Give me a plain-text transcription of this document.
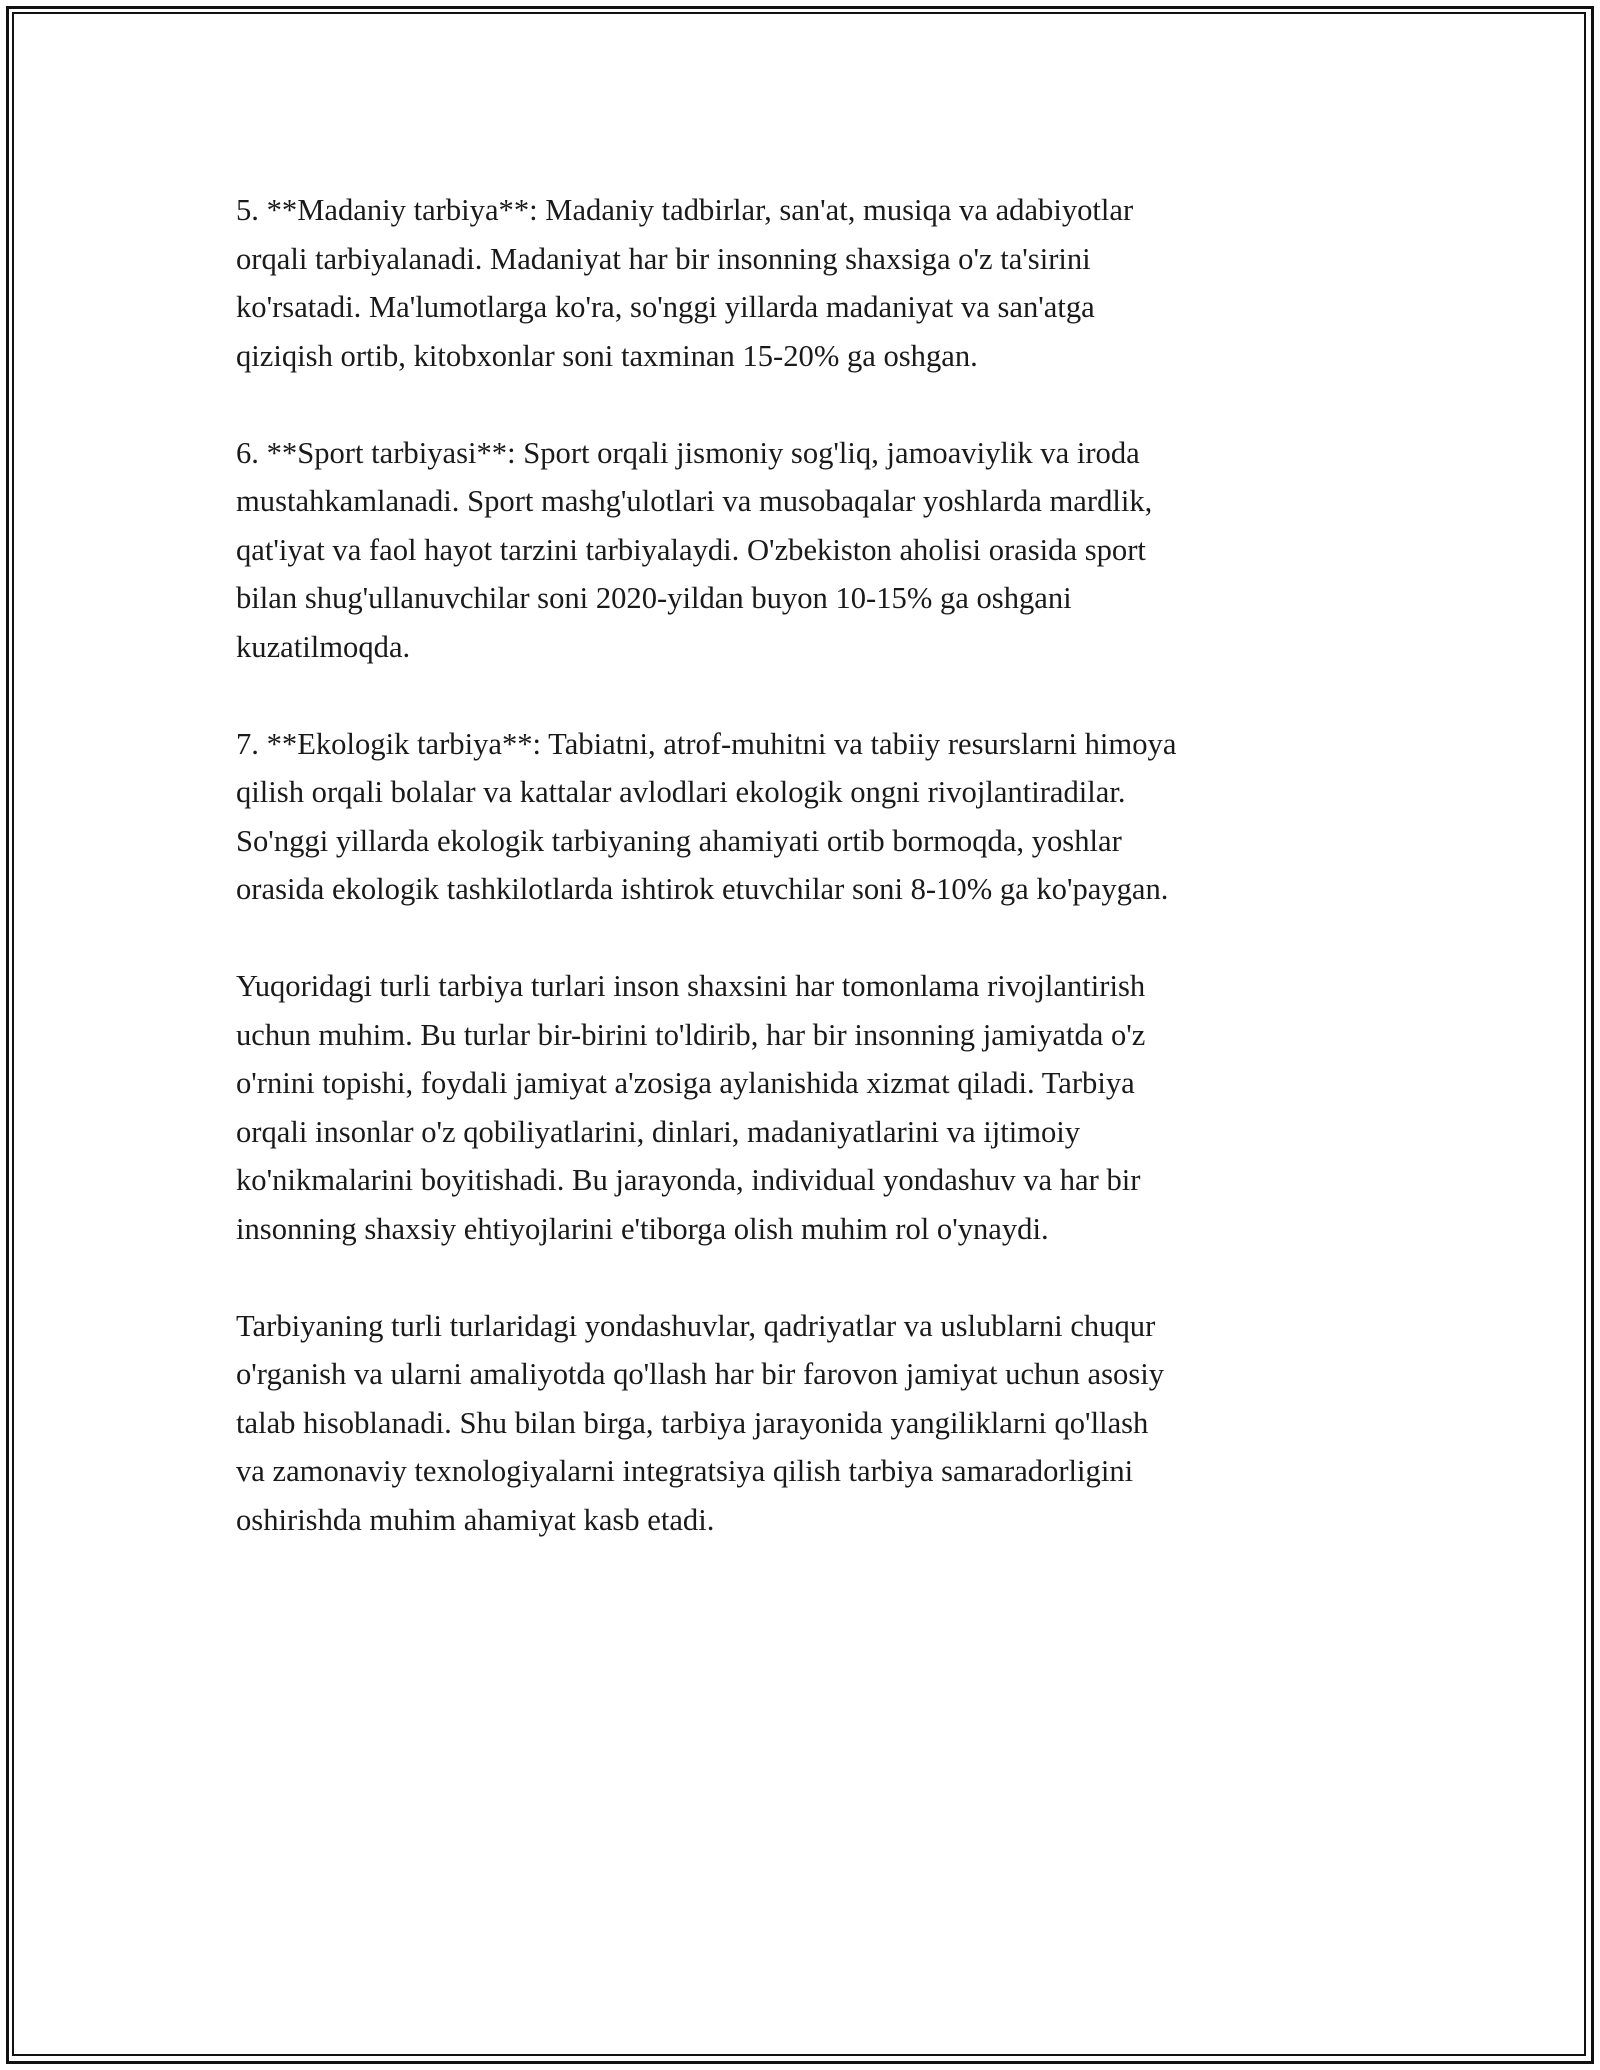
5. **Madaniy tarbiya**: Madaniy tadbirlar, san'at, musiqa va adabiyotlar
orqali tarbiyalanadi. Madaniyat har bir insonning shaxsiga o'z ta'sirini
ko'rsatadi. Ma'lumotlarga ko'ra, so'nggi yillarda madaniyat va san'atga
qiziqish ortib, kitobxonlar soni taxminan 15-20% ga oshgan.

6. **Sport tarbiyasi**: Sport orqali jismoniy sog'liq, jamoaviylik va iroda
mustahkamlanadi. Sport mashg'ulotlari va musobaqalar yoshlarda mardlik,
qat'iyat va faol hayot tarzini tarbiyalaydi. O'zbekiston aholisi orasida sport
bilan shug'ullanuvchilar soni 2020-yildan buyon 10-15% ga oshgani
kuzatilmoqda.

7. **Ekologik tarbiya**: Tabiatni, atrof-muhitni va tabiiy resurslarni himoya
qilish orqali bolalar va kattalar avlodlari ekologik ongni rivojlantiradilar.
So'nggi yillarda ekologik tarbiyaning ahamiyati ortib bormoqda, yoshlar
orasida ekologik tashkilotlarda ishtirok etuvchilar soni 8-10% ga ko'paygan.

Yuqoridagi turli tarbiya turlari inson shaxsini har tomonlama rivojlantirish
uchun muhim. Bu turlar bir-birini to'ldirib, har bir insonning jamiyatda o'z
o'rnini topishi, foydali jamiyat a'zosiga aylanishida xizmat qiladi. Tarbiya
orqali insonlar o'z qobiliyatlarini, dinlari, madaniyatlarini va ijtimoiy
ko'nikmalarini boyitishadi. Bu jarayonda, individual yondashuv va har bir
insonning shaxsiy ehtiyojlarini e'tiborga olish muhim rol o'ynaydi.

Tarbiyaning turli turlaridagi yondashuvlar, qadriyatlar va uslublarni chuqur
o'rganish va ularni amaliyotda qo'llash har bir farovon jamiyat uchun asosiy
talab hisoblanadi. Shu bilan birga, tarbiya jarayonida yangiliklarni qo'llash
va zamonaviy texnologiyalarni integratsiya qilish tarbiya samaradorligini
oshirishda muhim ahamiyat kasb etadi.
